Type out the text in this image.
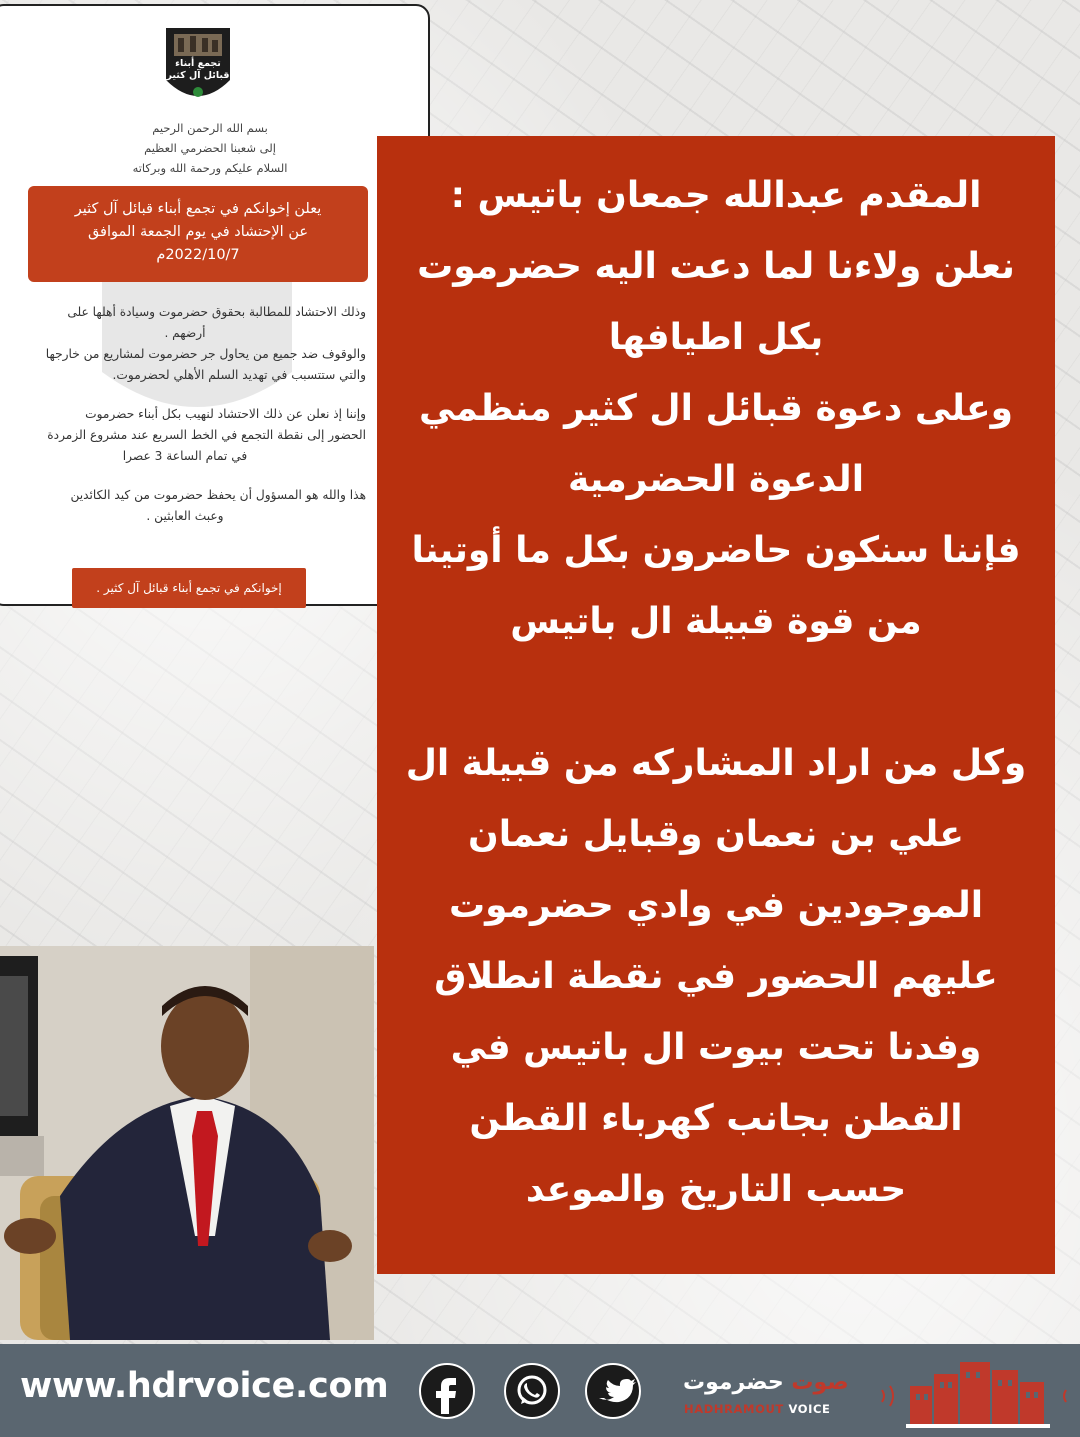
تجمع أبناء
قبائل آل كثير
بسم الله الرحمن الرحيم
إلى شعبنا الحضرمي العظيم
السلام عليكم ورحمة الله وبركاته
يعلن إخوانكم في تجمع أبناء قبائل آل كثير
عن الإحتشاد في يوم الجمعة الموافق
2022/10/7م

وذلك الاحتشاد للمطالبة بحقوق حضرموت وسيادة أهلها على

أرضهم .

والوقوف ضد جميع من يحاول جر حضرموت لمشاريع من خارجها

والتي ستتسبب في تهديد السلم الأهلي لحضرموت.

وإننا إذ نعلن عن ذلك الاحتشاد لنهيب بكل أبناء حضرموت

الحضور إلى نقطة التجمع في الخط السريع عند مشروع الزمردة

في تمام الساعة 3 عصرا

هذا والله هو المسؤول أن يحفظ حضرموت من كيد الكائدين

وعبث العابثين .

إخوانكم في تجمع أبناء قبائل آل كثير .
المقدم عبدالله جمعان باتيس :
نعلن ولاءنا لما دعت اليه حضرموت
بكل اطيافها
وعلى دعوة قبائل ال كثير منظمي
الدعوة الحضرمية
فإننا سنكون حاضرون بكل ما أوتينا
من قوة قبيلة ال باتيس
وكل من اراد المشاركه من قبيلة ال
علي بن نعمان وقبايل نعمان
الموجودين في وادي حضرموت
عليهم الحضور في نقطة انطلاق
وفدنا تحت بيوت ال باتيس في
القطن بجانب كهرباء القطن
حسب التاريخ والموعد
www.hdrvoice.com	صوت حضرموت
HADHRAMOUT VOICE
